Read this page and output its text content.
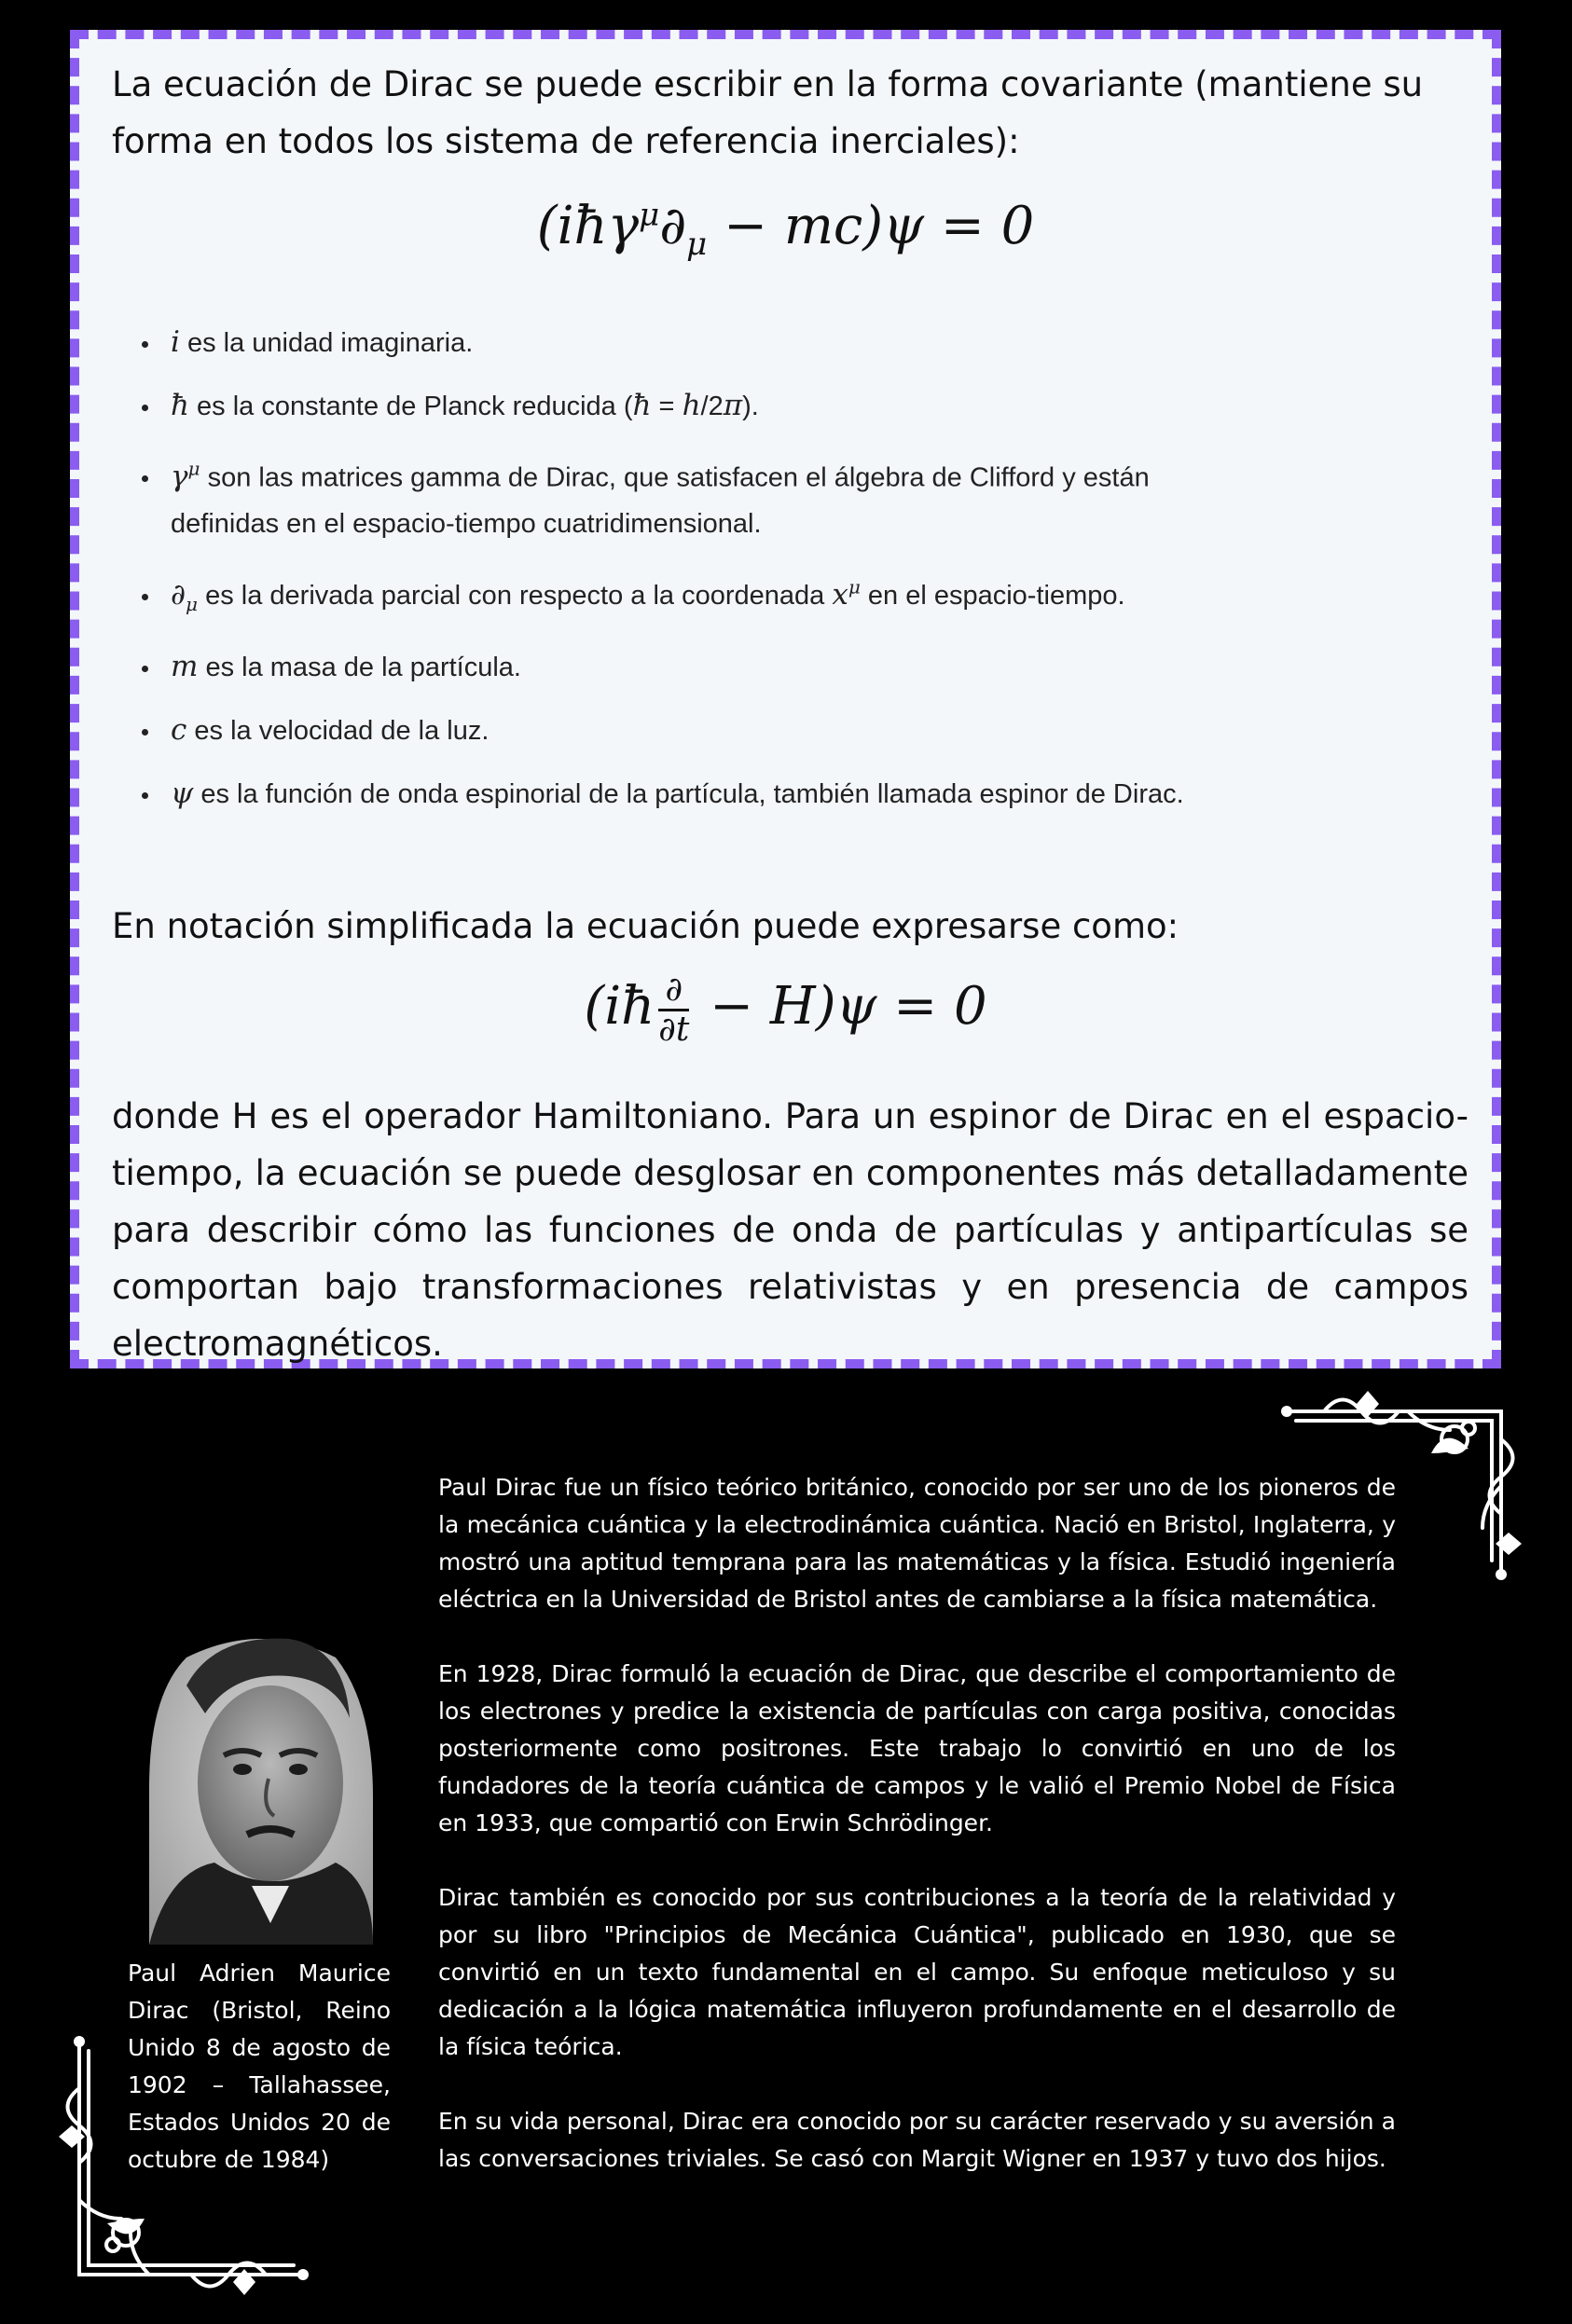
La ecuación de Dirac se puede escribir en la forma covariante (mantiene su forma en todos los sistema de referencia inerciales):

$(iħ\gamma^\mu\partial_\mu - mc)\psi = 0$
• i es la unidad imaginaria.
• ħ es la constante de Planck reducida (ħ = h/2π).
• $\gamma^\mu$ son las matrices gamma de Dirac, que satisfacen el álgebra de Clifford y están definidas en el espacio-tiempo cuatridimensional.
• $\partial_\mu$ es la derivada parcial con respecto a la coordenada $x^\mu$ en el espacio-tiempo.
• m es la masa de la partícula.
• c es la velocidad de la luz.
• ψ es la función de onda espinorial de la partícula, también llamada espinor de Dirac.

En notación simplificada la ecuación puede expresarse como:

(iħ $\frac{\partial}{\partial t} - H)\psi = 0$

donde H es el operador Hamiltoniano. Para un espinor de Dirac en el espacio-tiempo, la ecuación se puede desglosar en componentes más detalladamente para describir cómo las funciones de onda de partículas y antipartículas se comportan bajo transformaciones relativistas y en presencia de campos electromagnéticos.

Paul Adrien Maurice Dirac (Bristol, Reino Unido 8 de agosto de 1902 – Tallahassee, Estados Unidos 20 de octubre de 1984)

Paul Dirac fue un físico teórico británico, conocido por ser uno de los pioneros de la mecánica cuántica y la electrodinámica cuántica. Nació en Bristol, Inglaterra, y mostró una aptitud temprana para las matemáticas y la física. Estudió ingeniería eléctrica en la Universidad de Bristol antes de cambiarse a la física matemática.

En 1928, Dirac formuló la ecuación de Dirac, que describe el comportamiento de los electrones y predice la existencia de partículas con carga positiva, conocidas posteriormente como positrones. Este trabajo lo convirtió en uno de los fundadores de la teoría cuántica de campos y le valió el Premio Nobel de Física en 1933, que compartió con Erwin Schrödinger.

Dirac también es conocido por sus contribuciones a la teoría de la relatividad y por su libro "Principios de Mecánica Cuántica", publicado en 1930, que se convirtió en un texto fundamental en el campo. Su enfoque meticuloso y su dedicación a la lógica matemática influyeron profundamente en el desarrollo de la física teórica.

En su vida personal, Dirac era conocido por su carácter reservado y su aversión a las conversaciones triviales. Se casó con Margit Wigner en 1937 y tuvo dos hijos.
